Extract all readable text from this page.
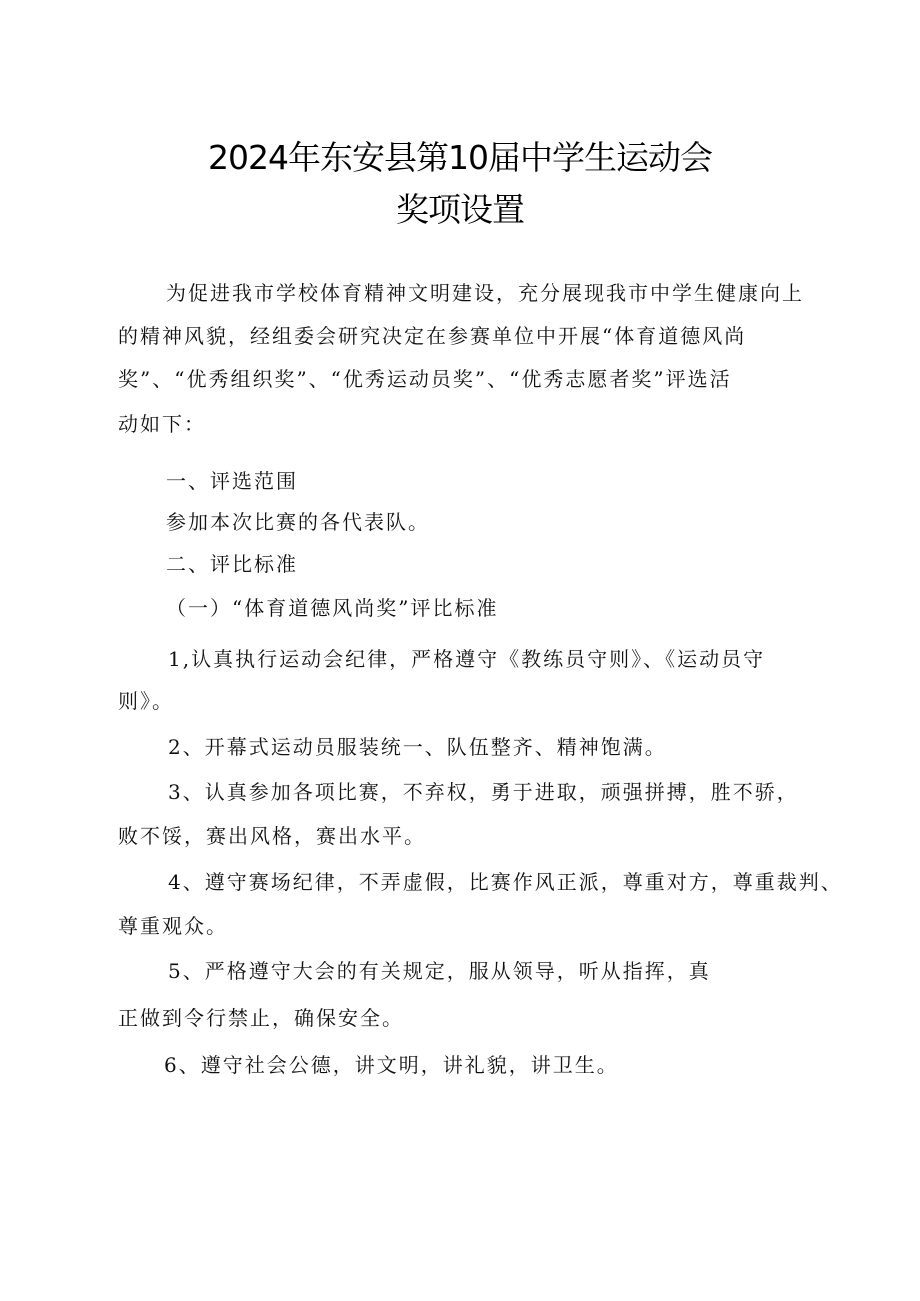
2024年东安县第10届中学生运动会
奖项设置
为促进我市学校体育精神文明建设，充分展现我市中学生健康向上
的精神风貌，经组委会研究决定在参赛单位中开展“体育道德风尚
奖”、“优秀组织奖”、“优秀运动员奖”、“优秀志愿者奖”评选活
动如下：
一、评选范围
参加本次比赛的各代表队。
二、评比标准
（一）“体育道德风尚奖”评比标准
1,认真执行运动会纪律，严格遵守《教练员守则》、《运动员守
则》。
2、开幕式运动员服装统一、队伍整齐、精神饱满。
3、认真参加各项比赛，不弃权，勇于进取，顽强拼搏，胜不骄，
败不馁，赛出风格，赛出水平。
4、遵守赛场纪律，不弄虚假，比赛作风正派，尊重对方，尊重裁判、
尊重观众。
5、严格遵守大会的有关规定，服从领导，听从指挥，真
正做到令行禁止，确保安全。
6、遵守社会公德，讲文明，讲礼貌，讲卫生。
